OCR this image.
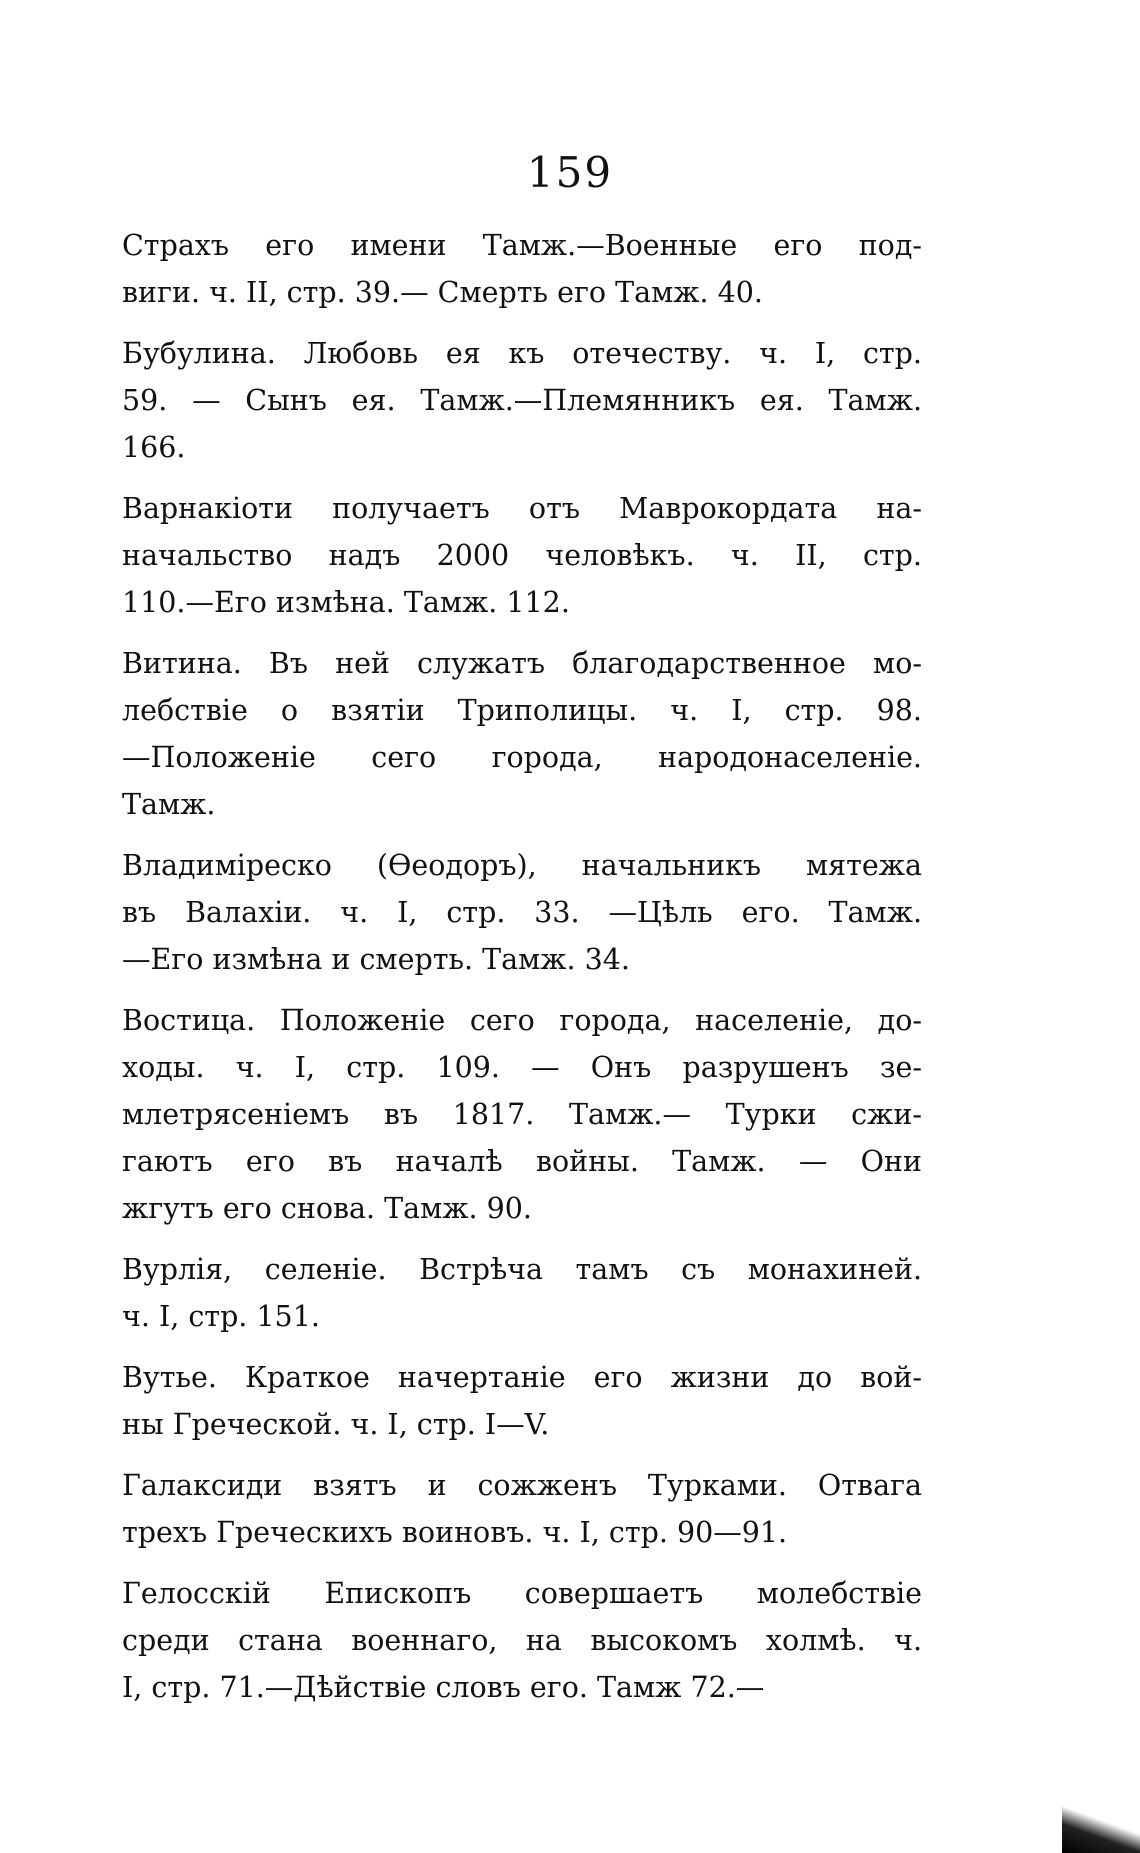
159
Страхъ его имени Тамж.—Военные его под-
виги. ч. II, стр. 39.— Смерть его Тамж. 40.
Бубулина. Любовь ея къ отечеству. ч. I, стр.
59. — Сынъ ея. Тамж.—Племянникъ ея. Тамж.
166.
Варнакіоти получаетъ отъ Маврокордата на-
начальство надъ 2000 человѣкъ. ч. II, стр.
110.—Его измѣна. Тамж. 112.
Витина. Въ ней служатъ благодарственное мо-
лебствіе о взятіи Триполицы. ч. I, стр. 98.
—Положеніе сего города, народонаселеніе.
Тамж.
Владиміреско (Өеодоръ), начальникъ мятежа
въ Валахіи. ч. I, стр. 33. —Цѣль его. Тамж.
—Его измѣна и смерть. Тамж. 34.
Востица. Положеніе сего города, населеніе, до-
ходы. ч. I, стр. 109. — Онъ разрушенъ зе-
млетрясеніемъ въ 1817. Тамж.— Турки сжи-
гаютъ его въ началѣ войны. Тамж. — Они
жгутъ его снова. Тамж. 90.
Вурлія, селеніе. Встрѣча тамъ съ монахиней.
ч. I, стр. 151.
Вутье. Краткое начертаніе его жизни до вой-
ны Греческой. ч. I, стр. I—V.
Галаксиди взятъ и сожженъ Турками. Отвага
трехъ Греческихъ воиновъ. ч. I, стр. 90—91.
Гелосскій Епископъ совершаетъ молебствіе
среди стана военнаго, на высокомъ холмѣ. ч.
I, стр. 71.—Дѣйствіе словъ его. Тамж 72.—
